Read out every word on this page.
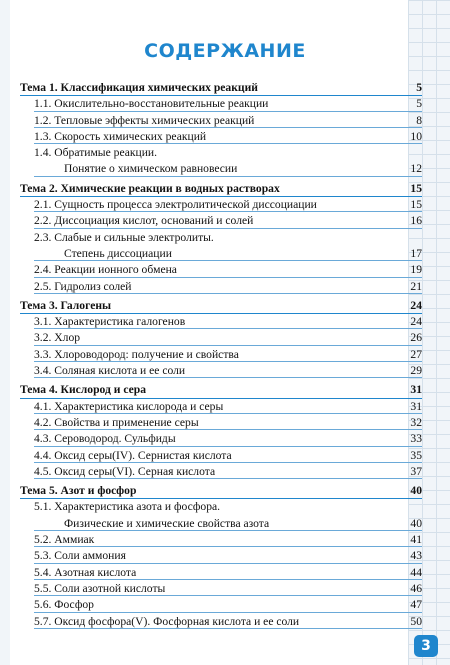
СОДЕРЖАНИЕ
Тема 1. Классификация химических реакций	5
1.1. Окислительно-восстановительные реакции	5
1.2. Тепловые эффекты химических реакций	8
1.3. Скорость химических реакций	10
1.4. Обратимые реакции.
Понятие о химическом равновесии	12
Тема 2. Химические реакции в водных растворах	15
2.1. Сущность процесса электролитической диссоциации	15
2.2. Диссоциация кислот, оснований и солей	16
2.3. Слабые и сильные электролиты.
Степень диссоциации	17
2.4. Реакции ионного обмена	19
2.5. Гидролиз солей	21
Тема 3. Галогены	24
3.1. Характеристика галогенов	24
3.2. Хлор	26
3.3. Хлороводород: получение и свойства	27
3.4. Соляная кислота и ее соли	29
Тема 4. Кислород и сера	31
4.1. Характеристика кислорода и серы	31
4.2. Свойства и применение серы	32
4.3. Сероводород. Сульфиды	33
4.4. Оксид серы(IV). Сернистая кислота	35
4.5. Оксид серы(VI). Серная кислота	37
Тема 5. Азот и фосфор	40
5.1. Характеристика азота и фосфора.
Физические и химические свойства азота	40
5.2. Аммиак	41
5.3. Соли аммония	43
5.4. Азотная кислота	44
5.5. Соли азотной кислоты	46
5.6. Фосфор	47
5.7. Оксид фосфора(V). Фосфорная кислота и ее соли	50
3
